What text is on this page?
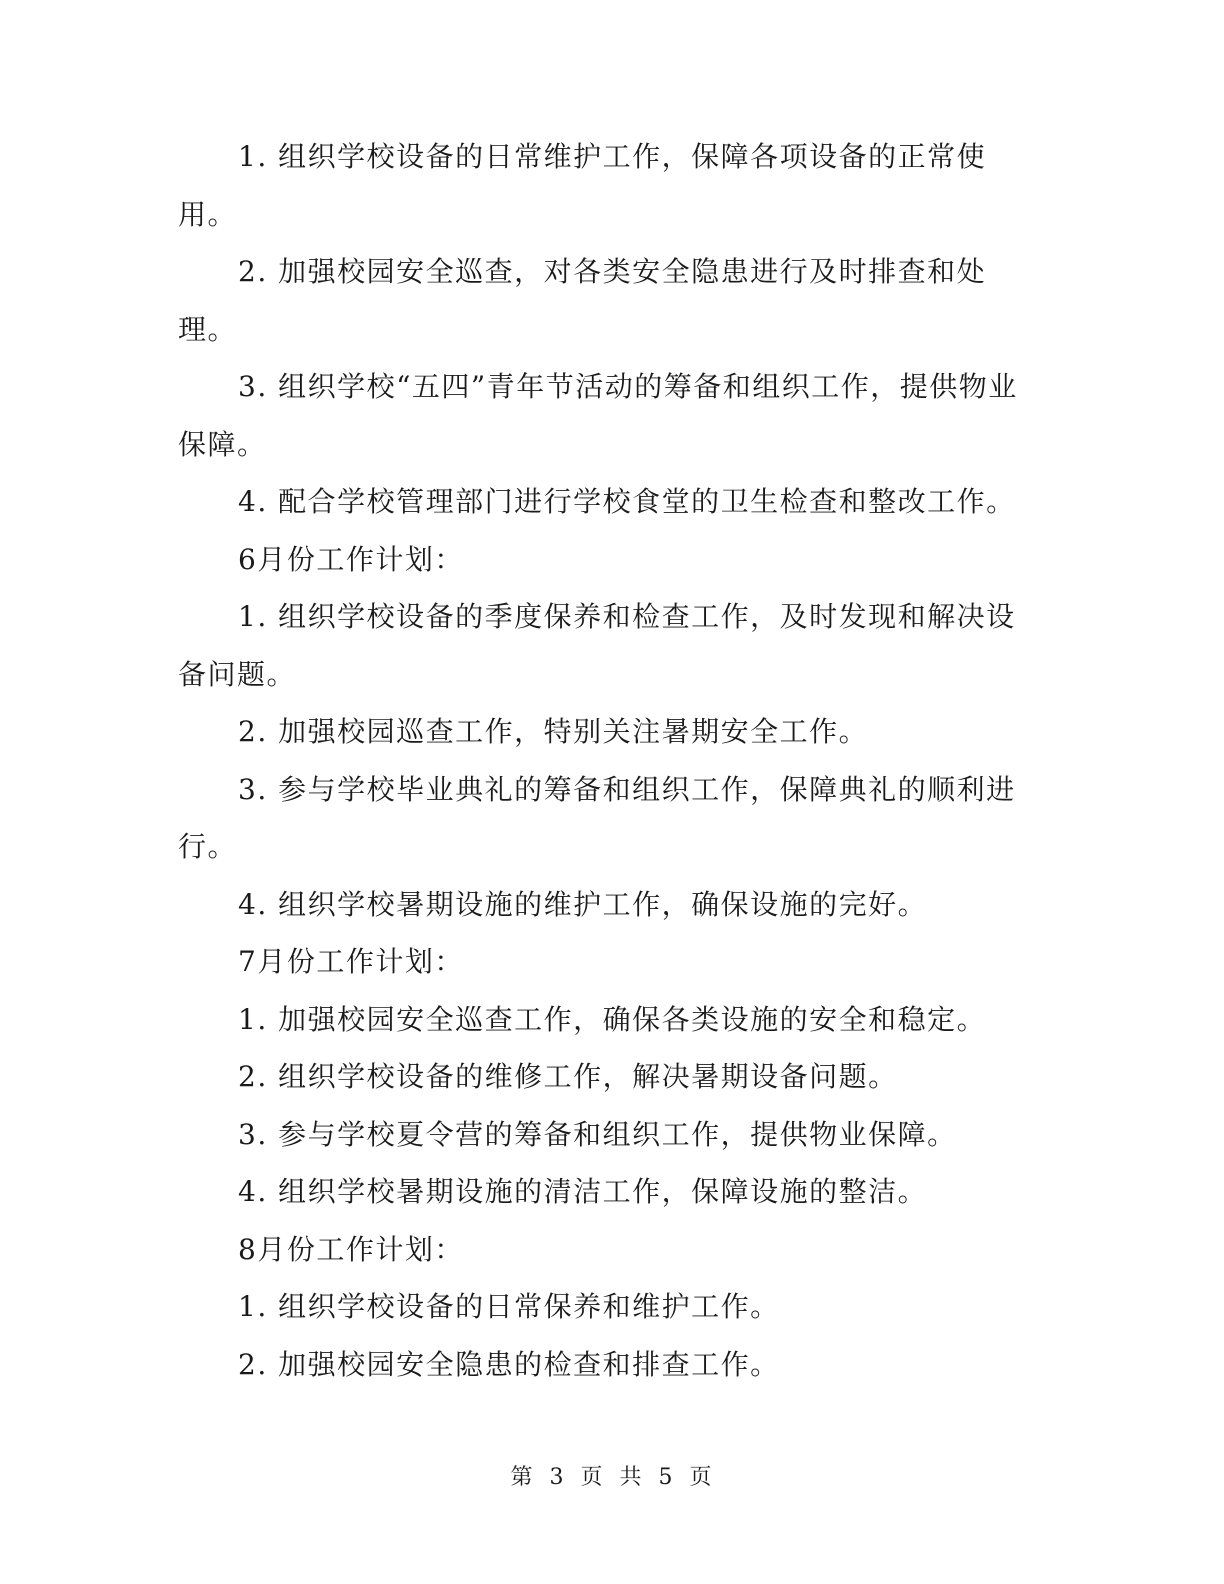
1. 组织学校设备的日常维护工作，保障各项设备的正常使用。

2. 加强校园安全巡查，对各类安全隐患进行及时排查和处理。

3. 组织学校“五四”青年节活动的筹备和组织工作，提供物业保障。

4. 配合学校管理部门进行学校食堂的卫生检查和整改工作。

6月份工作计划：

1. 组织学校设备的季度保养和检查工作，及时发现和解决设备问题。

2. 加强校园巡查工作，特别关注暑期安全工作。

3. 参与学校毕业典礼的筹备和组织工作，保障典礼的顺利进行。

4. 组织学校暑期设施的维护工作，确保设施的完好。

7月份工作计划：

1. 加强校园安全巡查工作，确保各类设施的安全和稳定。

2. 组织学校设备的维修工作，解决暑期设备问题。

3. 参与学校夏令营的筹备和组织工作，提供物业保障。

4. 组织学校暑期设施的清洁工作，保障设施的整洁。

8月份工作计划：

1. 组织学校设备的日常保养和维护工作。

2. 加强校园安全隐患的检查和排查工作。

第 3 页 共 5 页
